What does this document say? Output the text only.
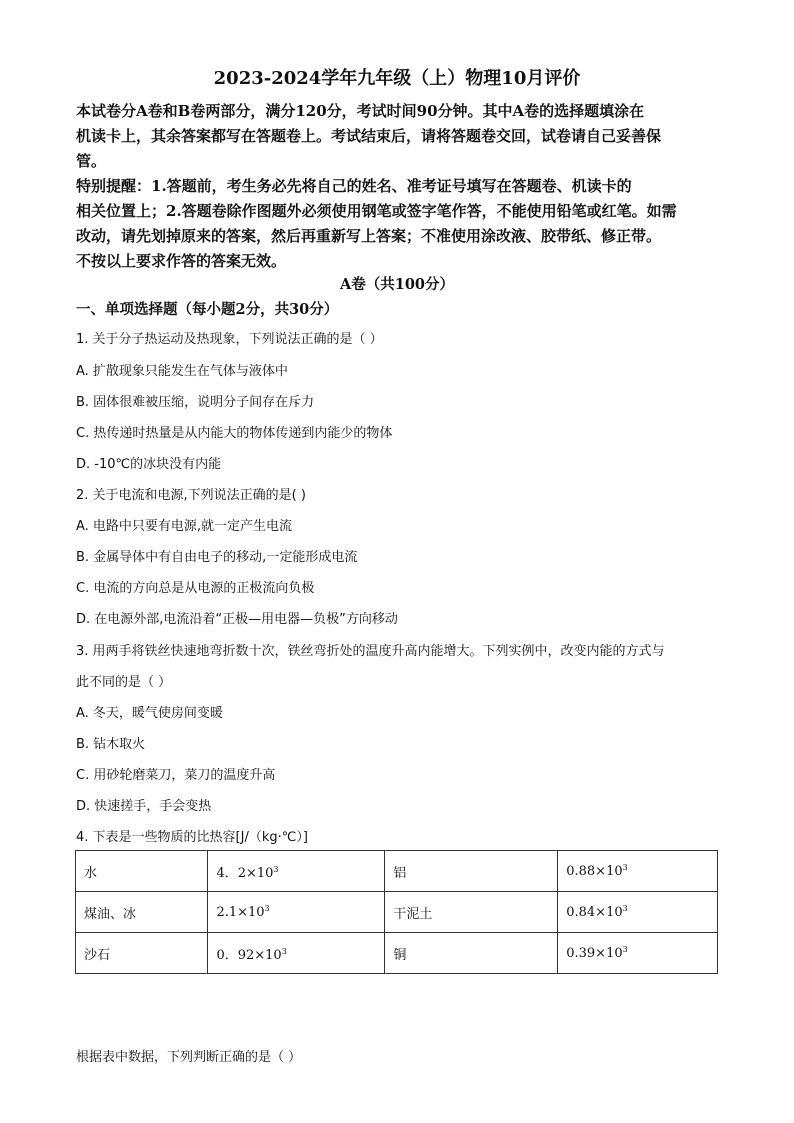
2023-2024学年九年级（上）物理10月评价
本试卷分A卷和B卷两部分，满分120分，考试时间90分钟。其中A卷的选择题填涂在
机读卡上，其余答案都写在答题卷上。考试结束后，请将答题卷交回，试卷请自己妥善保
管。
特别提醒：1.答题前，考生务必先将自己的姓名、准考证号填写在答题卷、机读卡的
相关位置上；2.答题卷除作图题外必须使用钢笔或签字笔作答，不能使用铅笔或红笔。如需
改动，请先划掉原来的答案，然后再重新写上答案；不准使用涂改液、胶带纸、修正带。
不按以上要求作答的答案无效。
A卷（共100分）
一、单项选择题（每小题2分，共30分）
1. 关于分子热运动及热现象，下列说法正确的是（ ）
A. 扩散现象只能发生在气体与液体中
B. 固体很难被压缩，说明分子间存在斥力
C. 热传递时热量是从内能大的物体传递到内能少的物体
D. -10℃的冰块没有内能
2. 关于电流和电源,下列说法正确的是( )
A. 电路中只要有电源,就一定产生电流
B. 金属导体中有自由电子的移动,一定能形成电流
C. 电流的方向总是从电源的正极流向负极
D. 在电源外部,电流沿着“正极—用电器—负极”方向移动
3. 用两手将铁丝快速地弯折数十次，铁丝弯折处的温度升高内能增大。下列实例中，改变内能的方式与
此不同的是（ ）
A. 冬天，暖气使房间变暖
B. 钻木取火
C. 用砂轮磨菜刀，菜刀的温度升高
D. 快速搓手，手会变热
4. 下表是一些物质的比热容[J/（kg·℃）]
水	4．$2\times 10^3$	铝	$0.88\times 10^3$
煤油、冰	$2.1\times 10^3$	干泥土	$0.84\times 10^3$
沙石	0．$92\times 10^3$	铜	$0.39\times 10^3$
根据表中数据，下列判断正确的是（ ）
